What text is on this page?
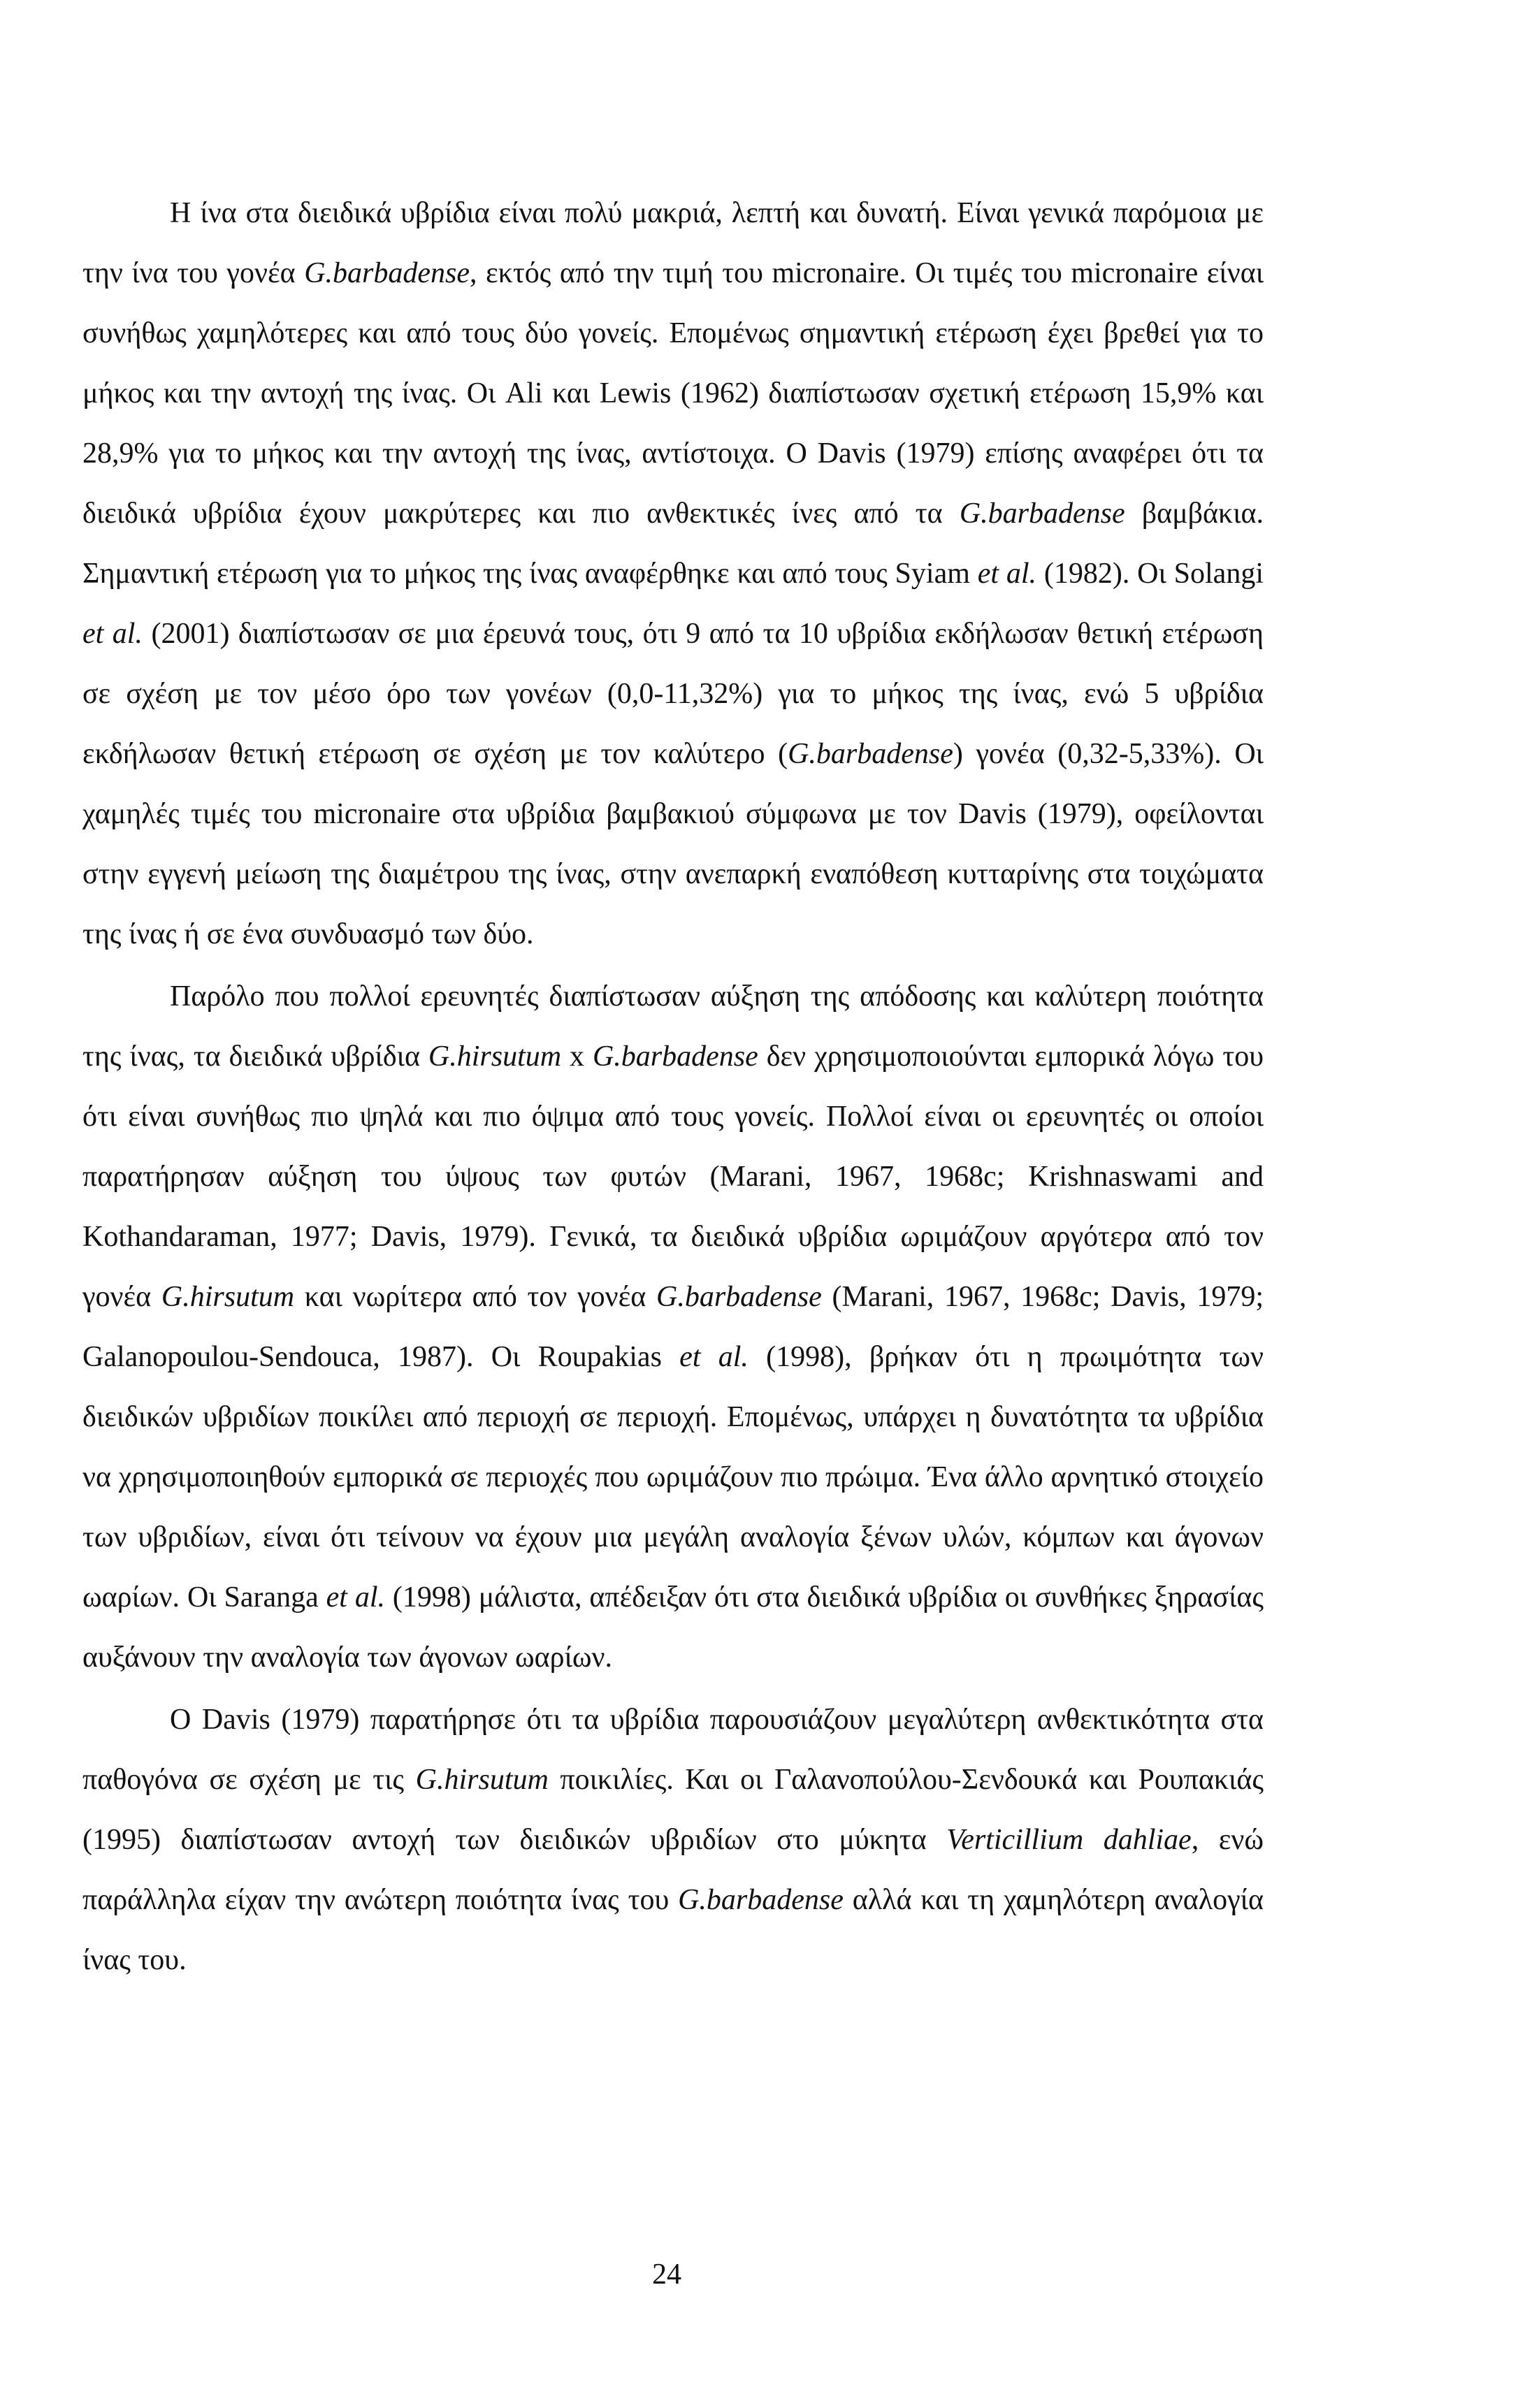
Η ίνα στα διειδικά υβρίδια είναι πολύ μακριά, λεπτή και δυνατή. Είναι γενικά παρόμοια με την ίνα του γονέα G.barbadense, εκτός από την τιμή του micronaire. Οι τιμές του micronaire είναι συνήθως χαμηλότερες και από τους δύο γονείς. Επομένως σημαντική ετέρωση έχει βρεθεί για το μήκος και την αντοχή της ίνας. Οι Ali και Lewis (1962) διαπίστωσαν σχετική ετέρωση 15,9% και 28,9% για το μήκος και την αντοχή της ίνας, αντίστοιχα. Ο Davis (1979) επίσης αναφέρει ότι τα διειδικά υβρίδια έχουν μακρύτερες και πιο ανθεκτικές ίνες από τα G.barbadense βαμβάκια. Σημαντική ετέρωση για το μήκος της ίνας αναφέρθηκε και από τους Syiam et al. (1982). Οι Solangi et al. (2001) διαπίστωσαν σε μια έρευνά τους, ότι 9 από τα 10 υβρίδια εκδήλωσαν θετική ετέρωση σε σχέση με τον μέσο όρο των γονέων (0,0-11,32%) για το μήκος της ίνας, ενώ 5 υβρίδια εκδήλωσαν θετική ετέρωση σε σχέση με τον καλύτερο (G.barbadense) γονέα (0,32-5,33%). Οι χαμηλές τιμές του micronaire στα υβρίδια βαμβακιού σύμφωνα με τον Davis (1979), οφείλονται στην εγγενή μείωση της διαμέτρου της ίνας, στην ανεπαρκή εναπόθεση κυτταρίνης στα τοιχώματα της ίνας ή σε ένα συνδυασμό των δύο.

Παρόλο που πολλοί ερευνητές διαπίστωσαν αύξηση της απόδοσης και καλύτερη ποιότητα της ίνας, τα διειδικά υβρίδια G.hirsutum x G.barbadense δεν χρησιμοποιούνται εμπορικά λόγω του ότι είναι συνήθως πιο ψηλά και πιο όψιμα από τους γονείς. Πολλοί είναι οι ερευνητές οι οποίοι παρατήρησαν αύξηση του ύψους των φυτών (Marani, 1967, 1968c; Krishnaswami and Kothandaraman, 1977; Davis, 1979). Γενικά, τα διειδικά υβρίδια ωριμάζουν αργότερα από τον γονέα G.hirsutum και νωρίτερα από τον γονέα G.barbadense (Marani, 1967, 1968c; Davis, 1979; Galanopoulou-Sendouca, 1987). Οι Roupakias et al. (1998), βρήκαν ότι η πρωιμότητα των διειδικών υβριδίων ποικίλει από περιοχή σε περιοχή. Επομένως, υπάρχει η δυνατότητα τα υβρίδια να χρησιμοποιηθούν εμπορικά σε περιοχές που ωριμάζουν πιο πρώιμα. Ένα άλλο αρνητικό στοιχείο των υβριδίων, είναι ότι τείνουν να έχουν μια μεγάλη αναλογία ξένων υλών, κόμπων και άγονων ωαρίων. Οι Saranga et al. (1998) μάλιστα, απέδειξαν ότι στα διειδικά υβρίδια οι συνθήκες ξηρασίας αυξάνουν την αναλογία των άγονων ωαρίων.

Ο Davis (1979) παρατήρησε ότι τα υβρίδια παρουσιάζουν μεγαλύτερη ανθεκτικότητα στα παθογόνα σε σχέση με τις G.hirsutum ποικιλίες. Και οι Γαλανοπούλου-Σενδουκά και Ρουπακιάς (1995) διαπίστωσαν αντοχή των διειδικών υβριδίων στο μύκητα Verticillium dahliae, ενώ παράλληλα είχαν την ανώτερη ποιότητα ίνας του G.barbadense αλλά και τη χαμηλότερη αναλογία ίνας του.

24
